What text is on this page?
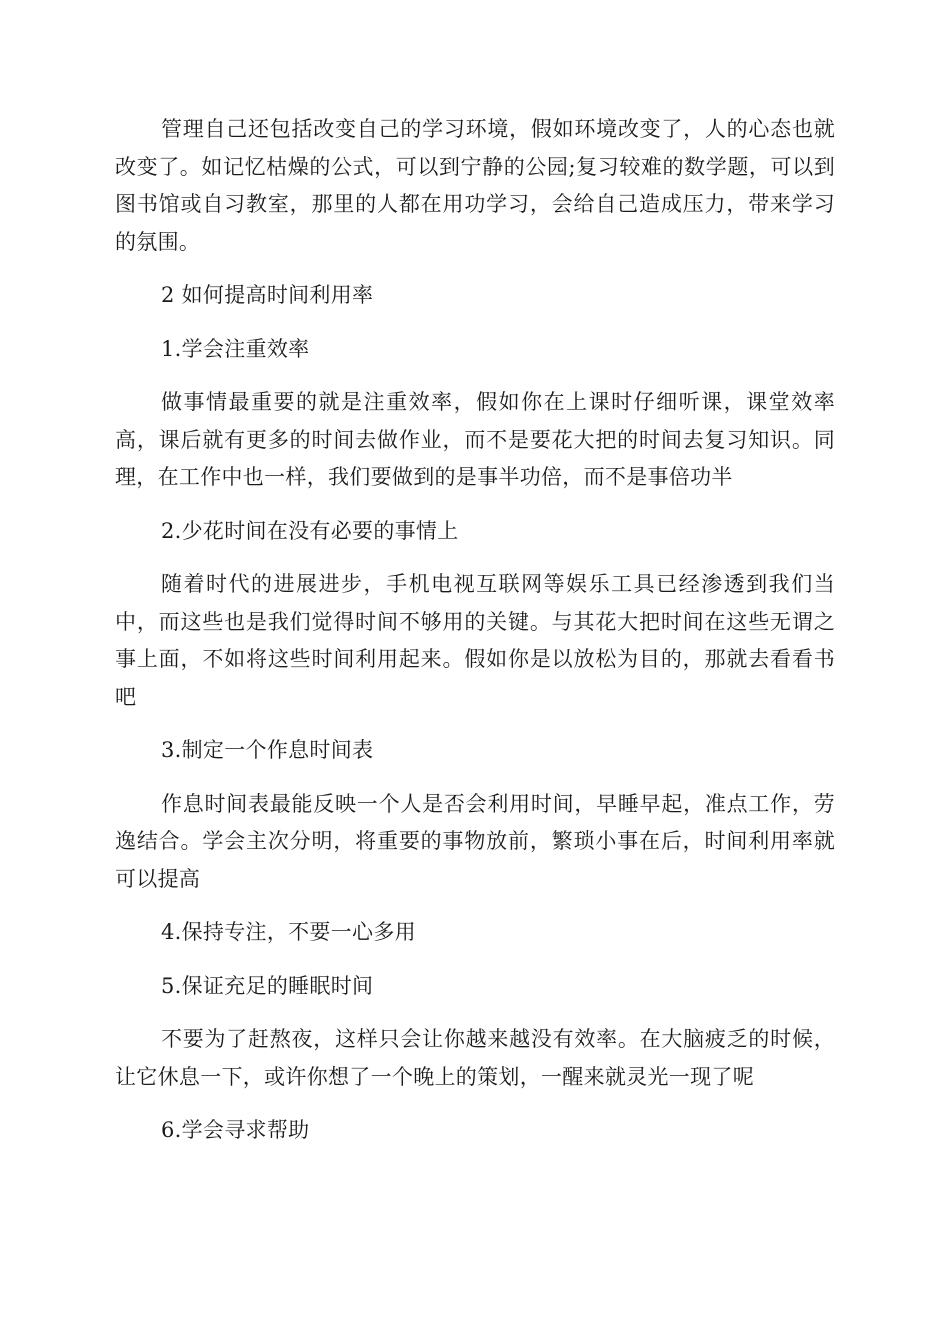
管理自己还包括改变自己的学习环境，假如环境改变了，人的心态也就改变了。如记忆枯燥的公式，可以到宁静的公园;复习较难的数学题，可以到图书馆或自习教室，那里的人都在用功学习，会给自己造成压力，带来学习的氛围。

2 如何提高时间利用率

1.学会注重效率

做事情最重要的就是注重效率，假如你在上课时仔细听课，课堂效率高，课后就有更多的时间去做作业，而不是要花大把的时间去复习知识。同理，在工作中也一样，我们要做到的是事半功倍，而不是事倍功半

2.少花时间在没有必要的事情上

随着时代的进展进步，手机电视互联网等娱乐工具已经渗透到我们当中，而这些也是我们觉得时间不够用的关键。与其花大把时间在这些无谓之事上面，不如将这些时间利用起来。假如你是以放松为目的，那就去看看书吧

3.制定一个作息时间表

作息时间表最能反映一个人是否会利用时间，早睡早起，准点工作，劳逸结合。学会主次分明，将重要的事物放前，繁琐小事在后，时间利用率就可以提高

4.保持专注，不要一心多用

5.保证充足的睡眠时间

不要为了赶熬夜，这样只会让你越来越没有效率。在大脑疲乏的时候，让它休息一下，或许你想了一个晚上的策划，一醒来就灵光一现了呢

6.学会寻求帮助
